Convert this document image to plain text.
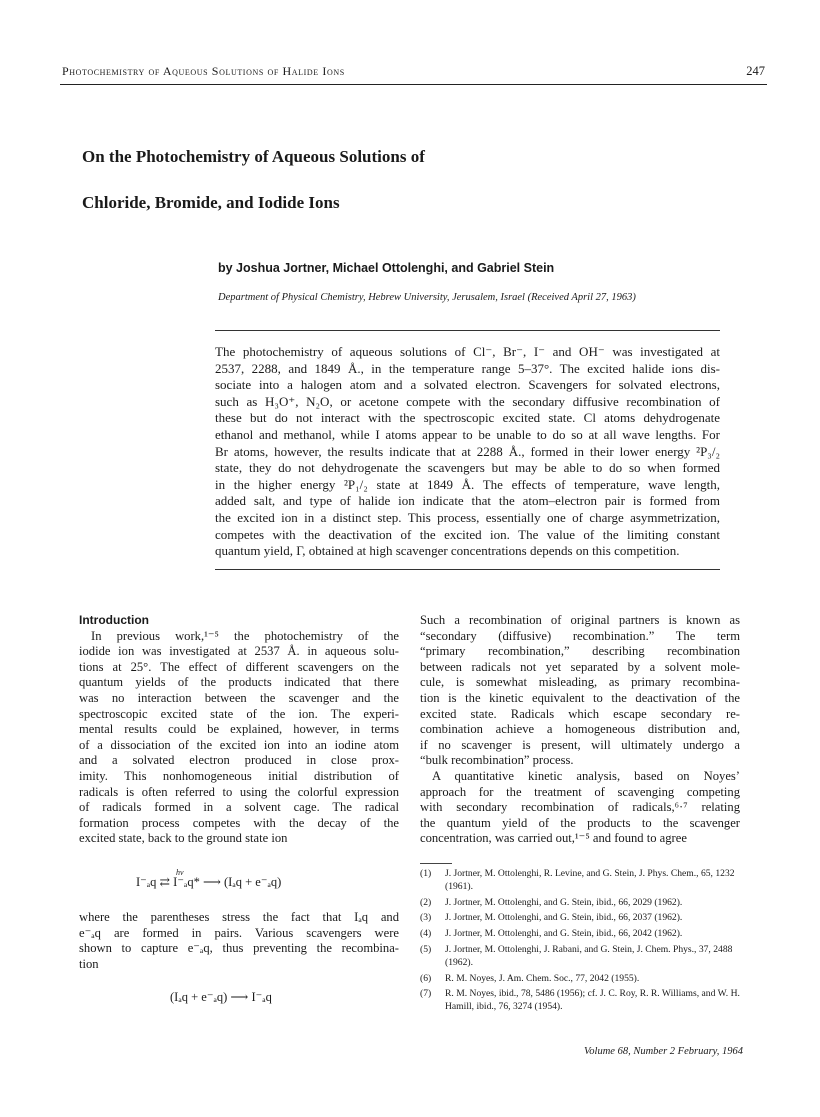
Photochemistry of Aqueous Solutions of Halide Ions	247
On the Photochemistry of Aqueous Solutions of
Chloride, Bromide, and Iodide Ions
by Joshua Jortner, Michael Ottolenghi, and Gabriel Stein
Department of Physical Chemistry, Hebrew University, Jerusalem, Israel (Received April 27, 1963)
The photochemistry of aqueous solutions of Cl⁻, Br⁻, I⁻ and OH⁻ was investigated at
2537, 2288, and 1849 Å., in the temperature range 5–37°. The excited halide ions dis-
sociate into a halogen atom and a solvated electron. Scavengers for solvated electrons,
such as H₃O⁺, N₂O, or acetone compete with the secondary diffusive recombination of
these but do not interact with the spectroscopic excited state. Cl atoms dehydrogenate
ethanol and methanol, while I atoms appear to be unable to do so at all wave lengths. For
Br atoms, however, the results indicate that at 2288 Å., formed in their lower energy ²P₃/₂
state, they do not dehydrogenate the scavengers but may be able to do so when formed
in the higher energy ²P₁/₂ state at 1849 Å. The effects of temperature, wave length,
added salt, and type of halide ion indicate that the atom–electron pair is formed from
the excited ion in a distinct step. This process, essentially one of charge asymmetrization,
competes with the deactivation of the excited ion. The value of the limiting constant
quantum yield, Γ, obtained at high scavenger concentrations depends on this competition.
Introduction
In previous work,¹⁻⁵ the photochemistry of the
iodide ion was investigated at 2537 Å. in aqueous solu-
tions at 25°. The effect of different scavengers on the
quantum yields of the products indicated that there
was no interaction between the scavenger and the
spectroscopic excited state of the ion. The experi-
mental results could be explained, however, in terms
of a dissociation of the excited ion into an iodine atom
and a solvated electron produced in close prox-
imity. This nonhomogeneous initial distribution of
radicals is often referred to using the colorful expression
of radicals formed in a solvent cage. The radical
formation process competes with the decay of the
excited state, back to the ground state ion
hν
I⁻ₐq ⇄ I⁻ₐq* ⟶ (Iₐq + e⁻ₐq)
where the parentheses stress the fact that Iₐq and
e⁻ₐq are formed in pairs. Various scavengers were
shown to capture e⁻ₐq, thus preventing the recombina-
tion
(Iₐq + e⁻ₐq) ⟶ I⁻ₐq
Such a recombination of original partners is known as
“secondary (diffusive) recombination.” The term
“primary recombination,” describing recombination
between radicals not yet separated by a solvent mole-
cule, is somewhat misleading, as primary recombina-
tion is the kinetic equivalent to the deactivation of the
excited state. Radicals which escape secondary re-
combination achieve a homogeneous distribution and,
if no scavenger is present, will ultimately undergo a
“bulk recombination” process.
A quantitative kinetic analysis, based on Noyes’
approach for the treatment of scavenging competing
with secondary recombination of radicals,⁶·⁷ relating
the quantum yield of the products to the scavenger
concentration, was carried out,¹⁻⁵ and found to agree
(1) J. Jortner, M. Ottolenghi, R. Levine, and G. Stein, J. Phys. Chem., 65, 1232 (1961).
(2) J. Jortner, M. Ottolenghi, and G. Stein, ibid., 66, 2029 (1962).
(3) J. Jortner, M. Ottolenghi, and G. Stein, ibid., 66, 2037 (1962).
(4) J. Jortner, M. Ottolenghi, and G. Stein, ibid., 66, 2042 (1962).
(5) J. Jortner, M. Ottolenghi, J. Rabani, and G. Stein, J. Chem. Phys., 37, 2488 (1962).
(6) R. M. Noyes, J. Am. Chem. Soc., 77, 2042 (1955).
(7) R. M. Noyes, ibid., 78, 5486 (1956); cf. J. C. Roy, R. R. Williams, and W. H. Hamill, ibid., 76, 3274 (1954).
Volume 68, Number 2 February, 1964
